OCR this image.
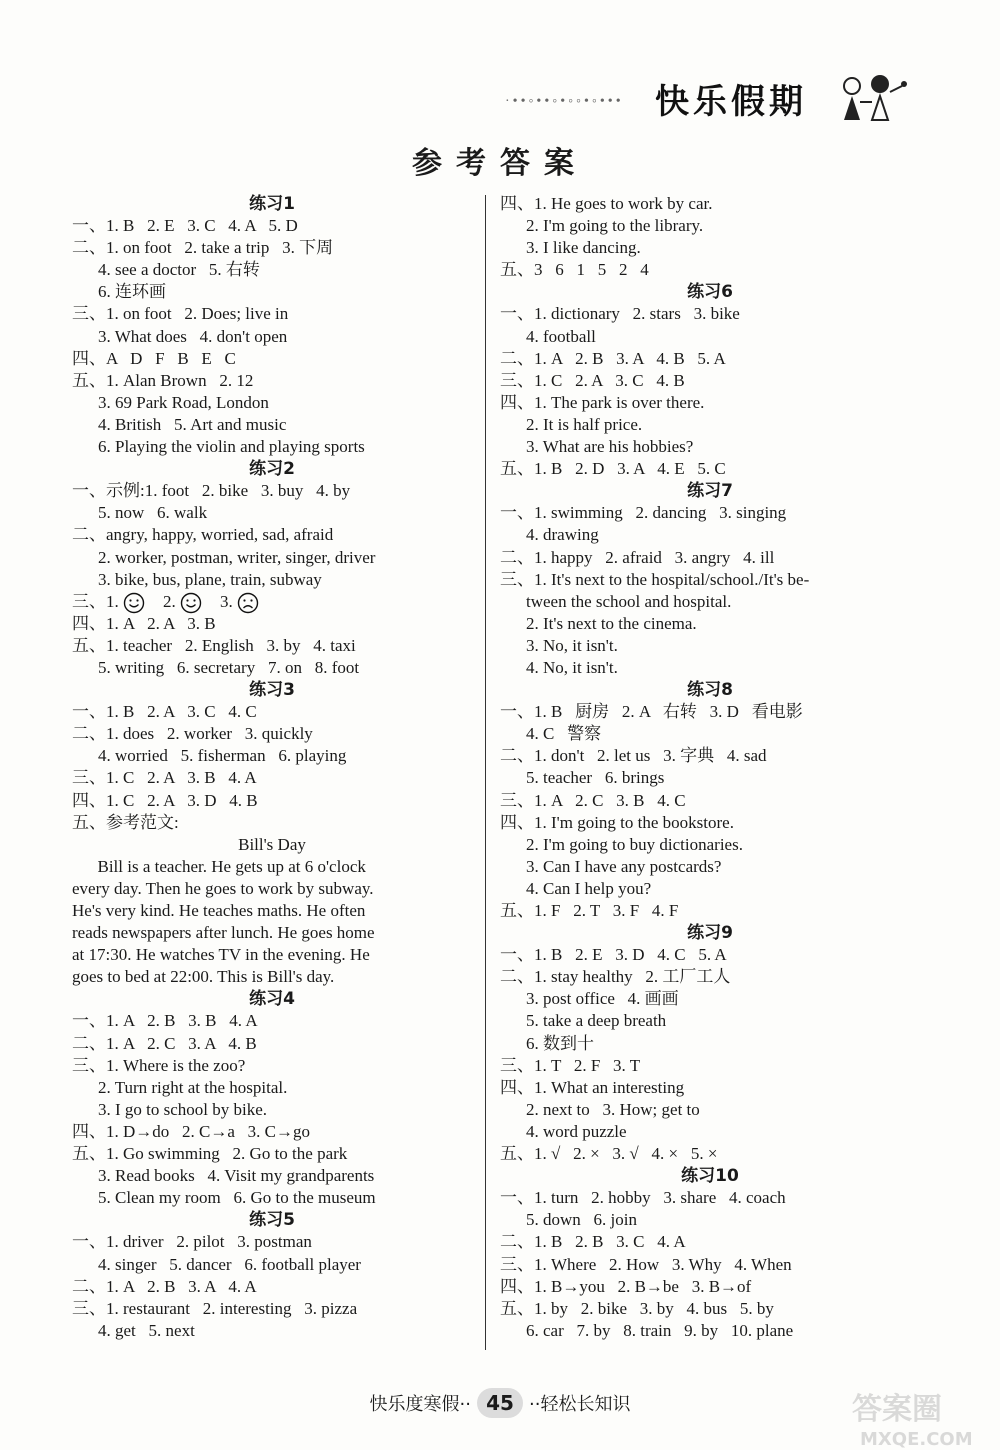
·••◦••◦•◦◦•◦••• 快乐假期
参考答案
练习1
一、1. B   2. E   3. C   4. A   5. D
二、1. on foot   2. take a trip   3. 下周
4. see a doctor   5. 右转
6. 连环画
三、1. on foot   2. Does; live in
3. What does   4. don't open
四、A   D   F   B   E   C
五、1. Alan Brown   2. 12
3. 69 Park Road, London
4. British   5. Art and music
6. Playing the violin and playing sports
练习2
一、示例:1. foot   2. bike   3. buy   4. by
5. now   6. walk
二、angry, happy, worried, sad, afraid
2. worker, postman, writer, singer, driver
3. bike, bus, plane, train, subway
三、1.	2.	3.
四、1. A   2. A   3. B
五、1. teacher   2. English   3. by   4. taxi
5. writing   6. secretary   7. on   8. foot
练习3
一、1. B   2. A   3. C   4. C
二、1. does   2. worker   3. quickly
4. worried   5. fisherman   6. playing
三、1. C   2. A   3. B   4. A
四、1. C   2. A   3. D   4. B
五、参考范文:
Bill's Day
Bill is a teacher. He gets up at 6 o'clock
every day. Then he goes to work by subway.
He's very kind. He teaches maths. He often
reads newspapers after lunch. He goes home
at 17:30. He watches TV in the evening. He
goes to bed at 22:00. This is Bill's day.
练习4
一、1. A   2. B   3. B   4. A
二、1. A   2. C   3. A   4. B
三、1. Where is the zoo?
2. Turn right at the hospital.
3. I go to school by bike.
四、1. D→do   2. C→a   3. C→go
五、1. Go swimming   2. Go to the park
3. Read books   4. Visit my grandparents
5. Clean my room   6. Go to the museum
练习5
一、1. driver   2. pilot   3. postman
4. singer   5. dancer   6. football player
二、1. A   2. B   3. A   4. A
三、1. restaurant   2. interesting   3. pizza
4. get   5. next
四、1. He goes to work by car.
2. I'm going to the library.
3. I like dancing.
五、3   6   1   5   2   4
练习6
一、1. dictionary   2. stars   3. bike
4. football
二、1. A   2. B   3. A   4. B   5. A
三、1. C   2. A   3. C   4. B
四、1. The park is over there.
2. It is half price.
3. What are his hobbies?
五、1. B   2. D   3. A   4. E   5. C
练习7
一、1. swimming   2. dancing   3. singing
4. drawing
二、1. happy   2. afraid   3. angry   4. ill
三、1. It's next to the hospital/school./It's be-
tween the school and hospital.
2. It's next to the cinema.
3. No, it isn't.
4. No, it isn't.
练习8
一、1. B   厨房   2. A   右转   3. D   看电影
4. C   警察
二、1. don't   2. let us   3. 字典   4. sad
5. teacher   6. brings
三、1. A   2. C   3. B   4. C
四、1. I'm going to the bookstore.
2. I'm going to buy dictionaries.
3. Can I have any postcards?
4. Can I help you?
五、1. F   2. T   3. F   4. F
练习9
一、1. B   2. E   3. D   4. C   5. A
二、1. stay healthy   2. 工厂工人
3. post office   4. 画画
5. take a deep breath
6. 数到十
三、1. T   2. F   3. T
四、1. What an interesting
2. next to   3. How; get to
4. word puzzle
五、1. √   2. ×   3. √   4. ×   5. ×
练习10
一、1. turn   2. hobby   3. share   4. coach
5. down   6. join
二、1. B   2. B   3. C   4. A
三、1. Where   2. How   3. Why   4. When
四、1. B→you   2. B→be   3. B→of
五、1. by   2. bike   3. by   4. bus   5. by
6. car   7. by   8. train   9. by   10. plane
快乐度寒假·· 45 ··轻松长知识	答案圈
MXQE.COM
